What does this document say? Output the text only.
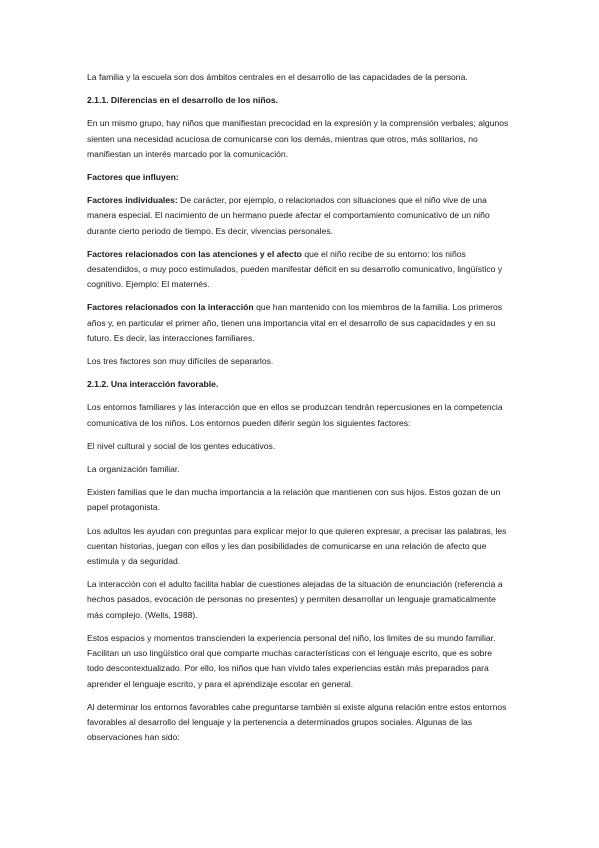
La familia y la escuela son dos ámbitos centrales en el desarrollo de las capacidades de la persona.

2.1.1. Diferencias en el desarrollo de los niños.

En un mismo grupo, hay niños que manifiestan precocidad en la expresión y la comprensión verbales; algunos sienten una necesidad acuciosa de comunicarse con los demás, mientras que otros, más solitarios, no manifiestan un interés marcado por la comunicación.

Factores que influyen:

Factores individuales: De carácter, por ejemplo, o relacionados con situaciones que el niño vive de una manera especial. El nacimiento de un hermano puede afectar el comportamiento comunicativo de un niño durante cierto periodo de tiempo. Es decir, vivencias personales.

Factores relacionados con las atenciones y el afecto que el niño recibe de su entorno: los niños desatendidos, o muy poco estimulados, pueden manifestar déficit en su desarrollo comunicativo, lingüístico y cognitivo. Ejemplo: El maternés.

Factores relacionados con la interacción que han mantenido con los miembros de la familia. Los primeros años y, en particular el primer año, tienen una importancia vital en el desarrollo de sus capacidades y en su futuro. Es decir, las interacciones familiares.

Los tres factores son muy difíciles de separarlos.

2.1.2. Una interacción favorable.

Los entornos familiares y las interacción que en ellos se produzcan tendrán repercusiones en la competencia comunicativa de los niños. Los entornos pueden diferir según los siguientes factores:

El nivel cultural y social de los gentes educativos.

La organización familiar.

Existen familias que le dan mucha importancia a la relación que mantienen con sus hijos. Estos gozan de un papel protagonista.

Los adultos les ayudan con preguntas para explicar mejor lo que quieren expresar, a precisar las palabras, les cuentan historias, juegan con ellos y les dan posibilidades de comunicarse en una relación de afecto que estimula y da seguridad.

La interacción con el adulto facilita hablar de cuestiones alejadas de la situación de enunciación (referencia a hechos pasados, evocación de personas no presentes) y permiten desarrollar un lenguaje gramaticalmente más complejo. (Wells, 1988).

Estos espacios y momentos transcienden la experiencia personal del niño, los limites de su mundo familiar. Facilitan un uso lingüístico oral que comparte muchas características con el lenguaje escrito, que es sobre todo descontextualizado. Por ello, los niños que han vivido tales experiencias están más preparados para aprender el lenguaje escrito, y para el aprendizaje escolar en general.

Al determinar los entornos favorables cabe preguntarse también si existe alguna relación entre estos entornos favorables al desarrollo del lenguaje y la pertenencia a determinados grupos sociales. Algunas de las observaciones han sido:
